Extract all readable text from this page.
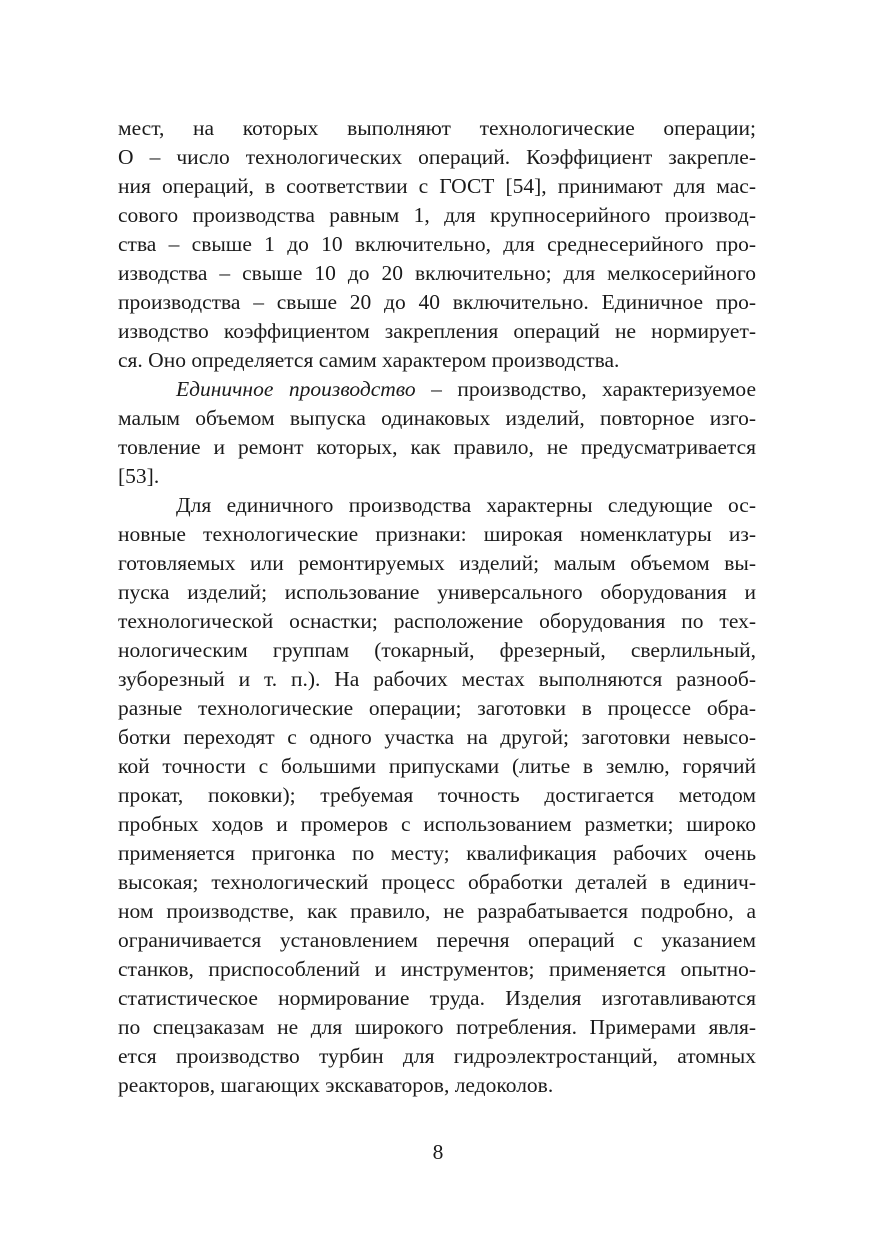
мест, на которых выполняют технологические операции;
О – число технологических операций. Коэффициент закрепле-
ния операций, в соответствии с ГОСТ [54], принимают для мас-
сового производства равным 1, для крупносерийного производ-
ства – свыше 1 до 10 включительно, для среднесерийного про-
изводства – свыше 10 до 20 включительно; для мелкосерийного
производства – свыше 20 до 40 включительно. Единичное про-
изводство коэффициентом закрепления операций не нормирует-
ся. Оно определяется самим характером производства.
Единичное производство – производство, характеризуемое
малым объемом выпуска одинаковых изделий, повторное изго-
товление и ремонт которых, как правило, не предусматривается
[53].
Для единичного производства характерны следующие ос-
новные технологические признаки: широкая номенклатуры из-
готовляемых или ремонтируемых изделий; малым объемом вы-
пуска изделий; использование универсального оборудования и
технологической оснастки; расположение оборудования по тех-
нологическим группам (токарный, фрезерный, сверлильный,
зуборезный и т. п.). На рабочих местах выполняются разнооб-
разные технологические операции; заготовки в процессе обра-
ботки переходят с одного участка на другой; заготовки невысо-
кой точности с большими припусками (литье в землю, горячий
прокат, поковки); требуемая точность достигается методом
пробных ходов и промеров с использованием разметки; широко
применяется пригонка по месту; квалификация рабочих очень
высокая; технологический процесс обработки деталей в единич-
ном производстве, как правило, не разрабатывается подробно, а
ограничивается установлением перечня операций с указанием
станков, приспособлений и инструментов; применяется опытно-
статистическое нормирование труда. Изделия изготавливаются
по спецзаказам не для широкого потребления. Примерами явля-
ется производство турбин для гидроэлектростанций, атомных
реакторов, шагающих экскаваторов, ледоколов.
8
